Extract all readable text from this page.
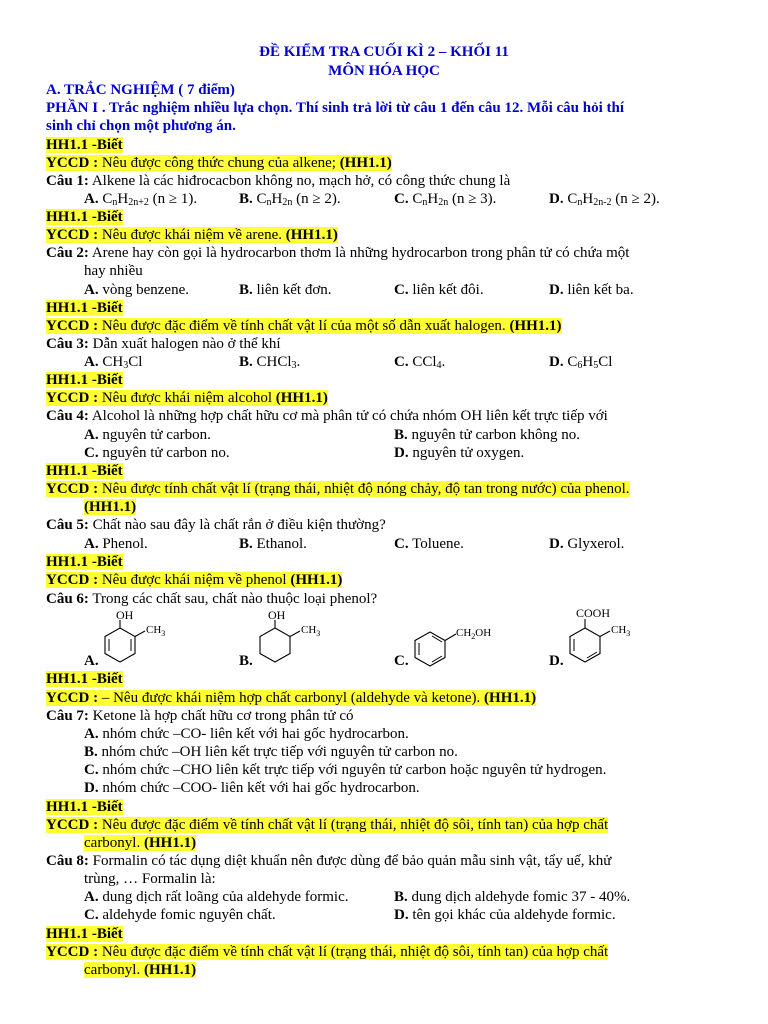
ĐỀ KIỂM TRA CUỐI KÌ 2 – KHỐI 11
MÔN HÓA HỌC
A. TRẮC NGHIỆM ( 7 điểm)
PHẦN I . Trắc nghiệm nhiều lựa chọn. Thí sinh trả lời từ câu 1 đến câu 12. Mỗi câu hỏi thí
sinh chỉ chọn một phương án.
HH1.1 -Biết
YCCD : Nêu được công thức chung của alkene; (HH1.1)
Câu 1: Alkene là các hiđrocacbon không no, mạch hở, có công thức chung là
A. $C_nH_{2n+2}$ (n ≥ 1).	B. $C_nH_{2n}$ (n ≥ 2).	C. $C_nH_{2n}$ (n ≥ 3).	D. $C_nH_{2n-2}$ (n ≥ 2).
HH1.1 -Biết
YCCD : Nêu được khái niệm về arene. (HH1.1)
Câu 2: Arene hay còn gọi là hydrocarbon thơm là những hydrocarbon trong phân tử có chứa một
hay nhiều
A. vòng benzene.	B. liên kết đơn.	C. liên kết đôi.	D. liên kết ba.
HH1.1 -Biết
YCCD : Nêu được đặc điểm về tính chất vật lí của một số dẫn xuất halogen. (HH1.1)
Câu 3: Dẫn xuất halogen nào ở thể khí
A. $CH_3Cl$	B. CHCl$_3$.	C. CCl$_4$.	D. $C_6H_5Cl$
HH1.1 -Biết
YCCD : Nêu được khái niệm alcohol (HH1.1)
Câu 4: Alcohol là những hợp chất hữu cơ mà phân tử có chứa nhóm OH liên kết trực tiếp với
A. nguyên tử carbon.	B. nguyên tử carbon không no.
C. nguyên tử carbon no.	D. nguyên tử oxygen.
HH1.1 -Biết
YCCD : Nêu được tính chất vật lí (trạng thái, nhiệt độ nóng chảy, độ tan trong nước) của phenol.
(HH1.1)
Câu 5: Chất nào sau đây là chất rắn ở điều kiện thường?
A. Phenol.	B. Ethanol.	C. Toluene.	D. Glyxerol.
HH1.1 -Biết
YCCD : Nêu được khái niệm về phenol (HH1.1)
Câu 6: Trong các chất sau, chất nào thuộc loại phenol?
A.
OH
$CH_3$
B.
OH
$CH_3$
C.
$CH_2OH$
D.
COOH
$CH_3$
HH1.1 -Biết
YCCD : – Nêu được khái niệm hợp chất carbonyl (aldehyde và ketone). (HH1.1)
Câu 7: Ketone là hợp chất hữu cơ trong phân tử có
A. nhóm chức –CO- liên kết với hai gốc hydrocarbon.
B. nhóm chức –OH liên kết trực tiếp với nguyên tử carbon no.
C. nhóm chức –CHO liên kết trực tiếp với nguyên tử carbon hoặc nguyên tử hydrogen.
D. nhóm chức –COO- liên kết với hai gốc hydrocarbon.
HH1.1 -Biết
YCCD : Nêu được đặc điểm về tính chất vật lí (trạng thái, nhiệt độ sôi, tính tan) của hợp chất
carbonyl. (HH1.1)
Câu 8: Formalin có tác dụng diệt khuẩn nên được dùng để bảo quản mẫu sinh vật, tẩy uế, khử
trùng, … Formalin là:
A. dung dịch rất loãng của aldehyde formic.	B. dung dịch aldehyde fomic 37 - 40%.
C. aldehyde fomic nguyên chất.	D. tên gọi khác của aldehyde formic.
HH1.1 -Biết
YCCD : Nêu được đặc điểm về tính chất vật lí (trạng thái, nhiệt độ sôi, tính tan) của hợp chất
carbonyl. (HH1.1)
